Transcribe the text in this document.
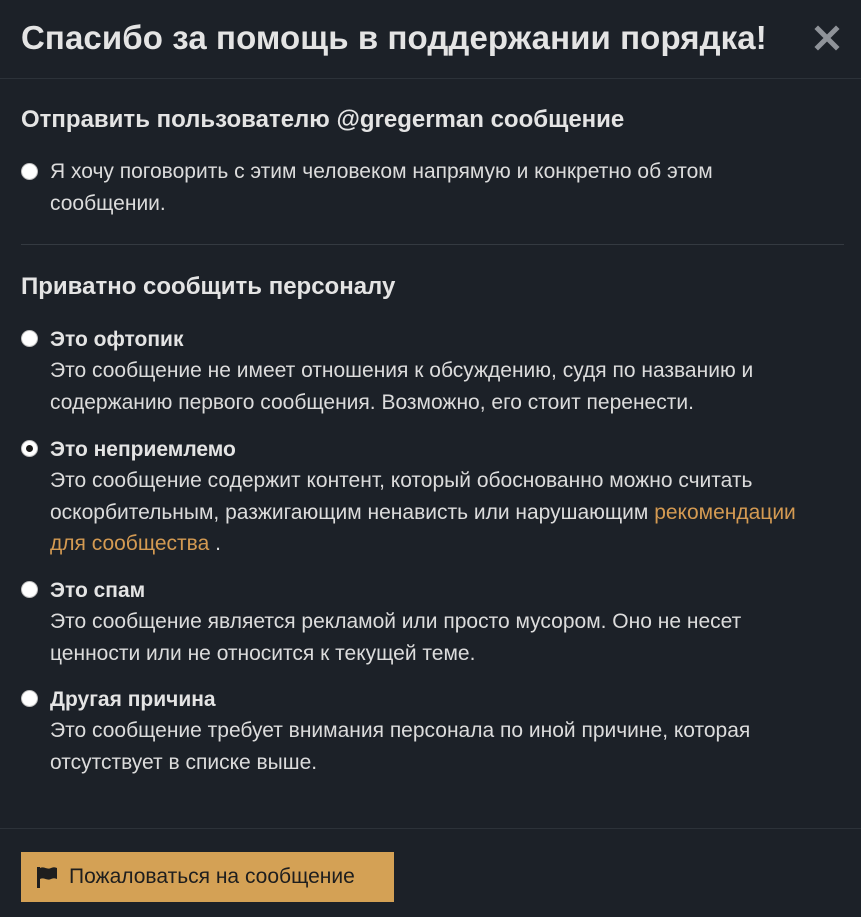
Спасибо за помощь в поддержании порядка!
Отправить пользователю @gregerman сообщение
Я хочу поговорить с этим человеком напрямую и конкретно об этом сообщении.
Приватно сообщить персоналу
Это офтопик
Это сообщение не имеет отношения к обсуждению, судя по названию и содержанию первого сообщения. Возможно, его стоит перенести.
Это неприемлемо
Это сообщение содержит контент, который обоснованно можно считать оскорбительным, разжигающим ненависть или нарушающим рекомендации для сообщества .
Это спам
Это сообщение является рекламой или просто мусором. Оно не несет ценности или не относится к текущей теме.
Другая причина
Это сообщение требует внимания персонала по иной причине, которая отсутствует в списке выше.
Пожаловаться на сообщение
